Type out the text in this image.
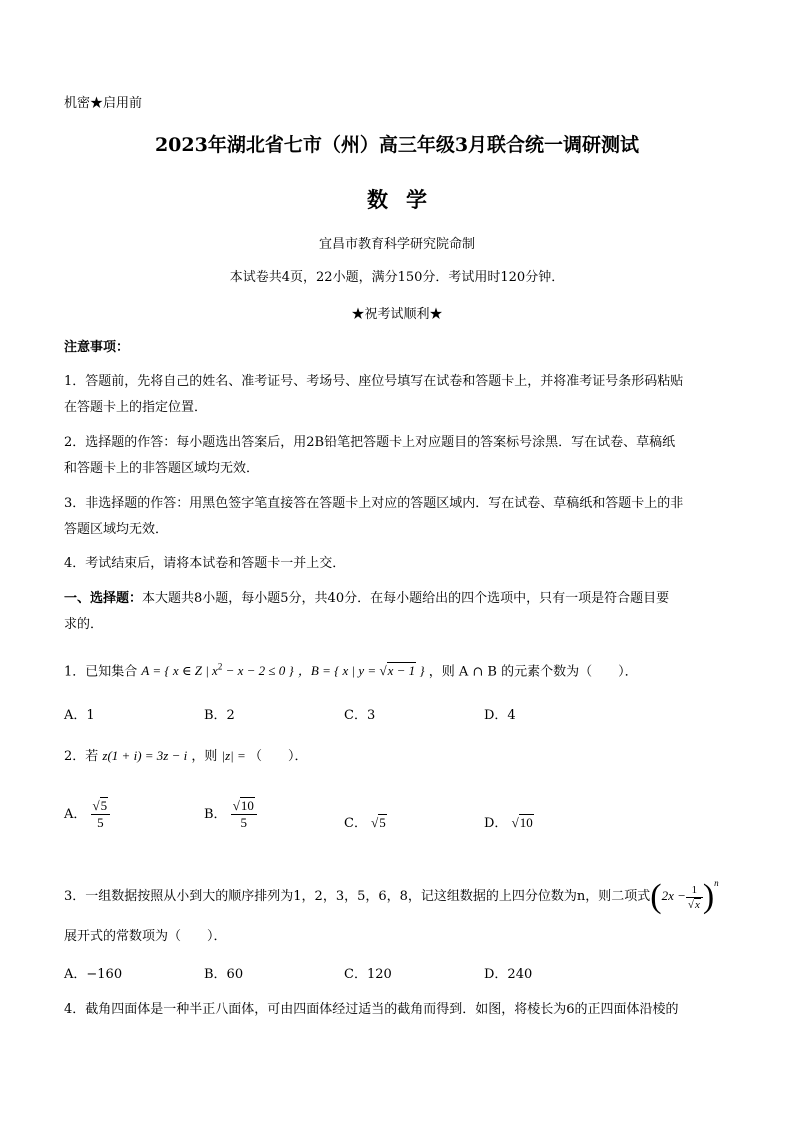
机密★启用前
2023年湖北省七市（州）高三年级3月联合统一调研测试
数学
宜昌市教育科学研究院命制
本试卷共4页，22小题，满分150分．考试用时120分钟．
★祝考试顺利★
注意事项：
1．答题前，先将自己的姓名、准考证号、考场号、座位号填写在试卷和答题卡上，并将准考证号条形码粘贴
在答题卡上的指定位置．
2．选择题的作答：每小题选出答案后，用2B铅笔把答题卡上对应题目的答案标号涂黑．写在试卷、草稿纸
和答题卡上的非答题区域均无效．
3．非选择题的作答：用黑色签字笔直接答在答题卡上对应的答题区域内．写在试卷、草稿纸和答题卡上的非
答题区域均无效．
4．考试结束后，请将本试卷和答题卡一并上交．
一、选择题：本大题共8小题，每小题5分，共40分．在每小题给出的四个选项中，只有一项是符合题目要
求的．
1．已知集合 A = { x ∈ Z | $x^2 - x - 2 \le 0$ } ，B = { x | y = √x − 1 } ，则 A ∩ B 的元素个数为（　　）．
A．1	B．2	C．3	D．4
2．若 z(1 + i) = 3z − i ，则 |z| = （　　）．
A． $\frac{√5}{5}$	B． $\frac{√10}{5}$	C． √5	D． √10
3．一组数据按照从小到大的顺序排列为1，2，3，5，6，8，记这组数据的上四分位数为n，则二项式$(2x - \frac{1}{√x} )^n$
展开式的常数项为（　　）．
A．−160	B．60	C．120	D．240
4．截角四面体是一种半正八面体，可由四面体经过适当的截角而得到．如图，将棱长为6的正四面体沿棱的
